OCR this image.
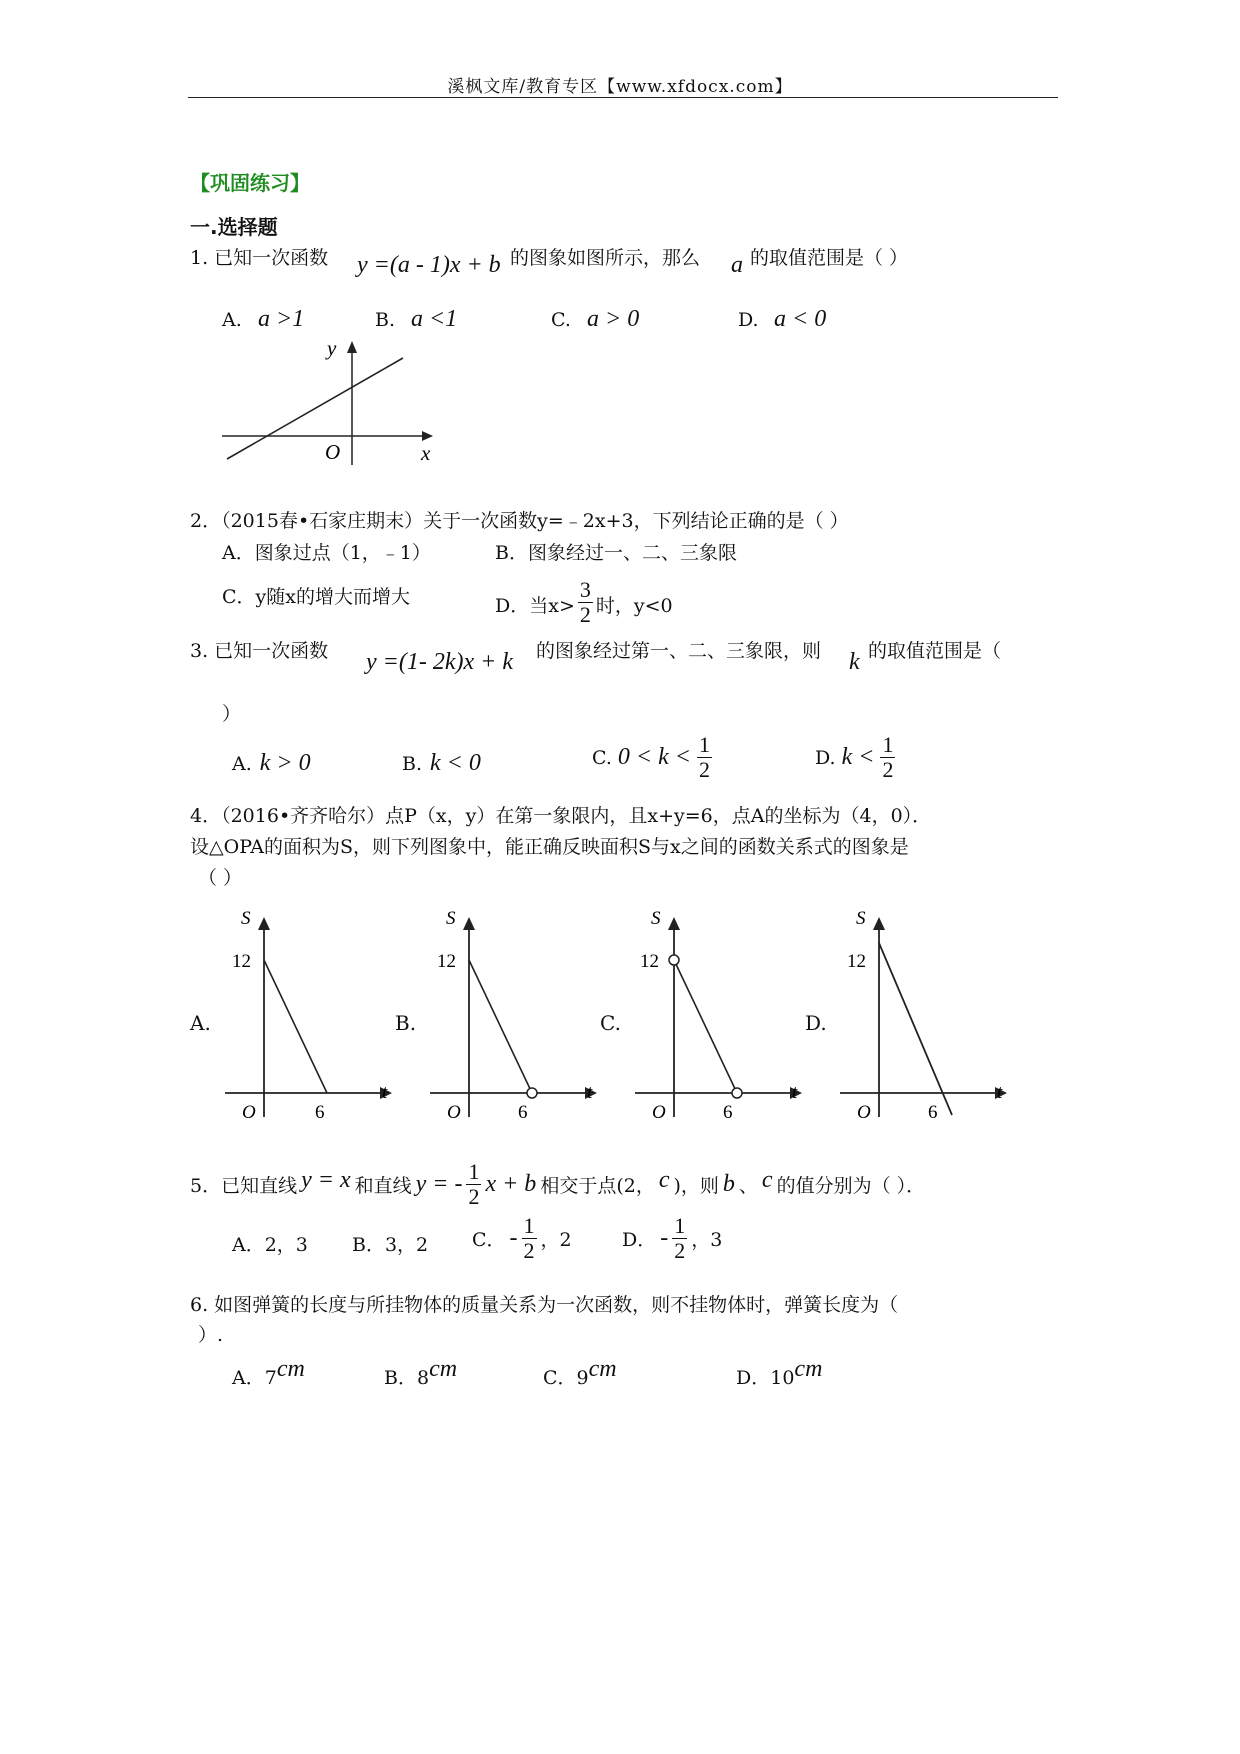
溪枫文库/教育专区【www.xfdocx.com】
【巩固练习】
一.选择题
1. 已知一次函数 y =(a - 1)x + b 的图象如图所示，那么 a 的取值范围是（ ）
A. a >1	B. a <1	C. a > 0	D. a < 0
y
x
O
2．（2015春•石家庄期末）关于一次函数y=﹣2x+3，下列结论正确的是（ ）
A．图象过点（1，﹣1）	B．图象经过一、二、三象限
C．y随x的增大而增大	D．当$x> \frac{3}{2}$ 时，y<0
3. 已知一次函数 y =(1- 2k)x + k 的图象经过第一、二、三象限，则 k 的取值范围是（
）
A. k > 0	B. k < 0	C. $0 < k < \frac{1}{2}$	D. $k < \frac{1}{2}$
4．（2016•齐齐哈尔）点P（x，y）在第一象限内，且x+y=6，点A的坐标为（4，0）．
设△OPA的面积为S，则下列图象中，能正确反映面积S与x之间的函数关系式的图象是
（ ）
A.
S
t
O
12
6
B.
S
t
O
12
6
C.
S
t
O
12
6
D.
S
t
O
12
6
5．已知直线 y = x 和直线 y = - $\frac{1}{2}$ x + b 相交于点(2， c )，则 b 、 c 的值分别为（ ）．
A．2，3 B．3，2 C． - $\frac{1}{2}$ ，2	D． - $\frac{1}{2}$ ，3
6. 如图弹簧的长度与所挂物体的质量关系为一次函数，则不挂物体时，弹簧长度为（
）.
A．7cm	B．8cm	C．9cm	D．10cm
